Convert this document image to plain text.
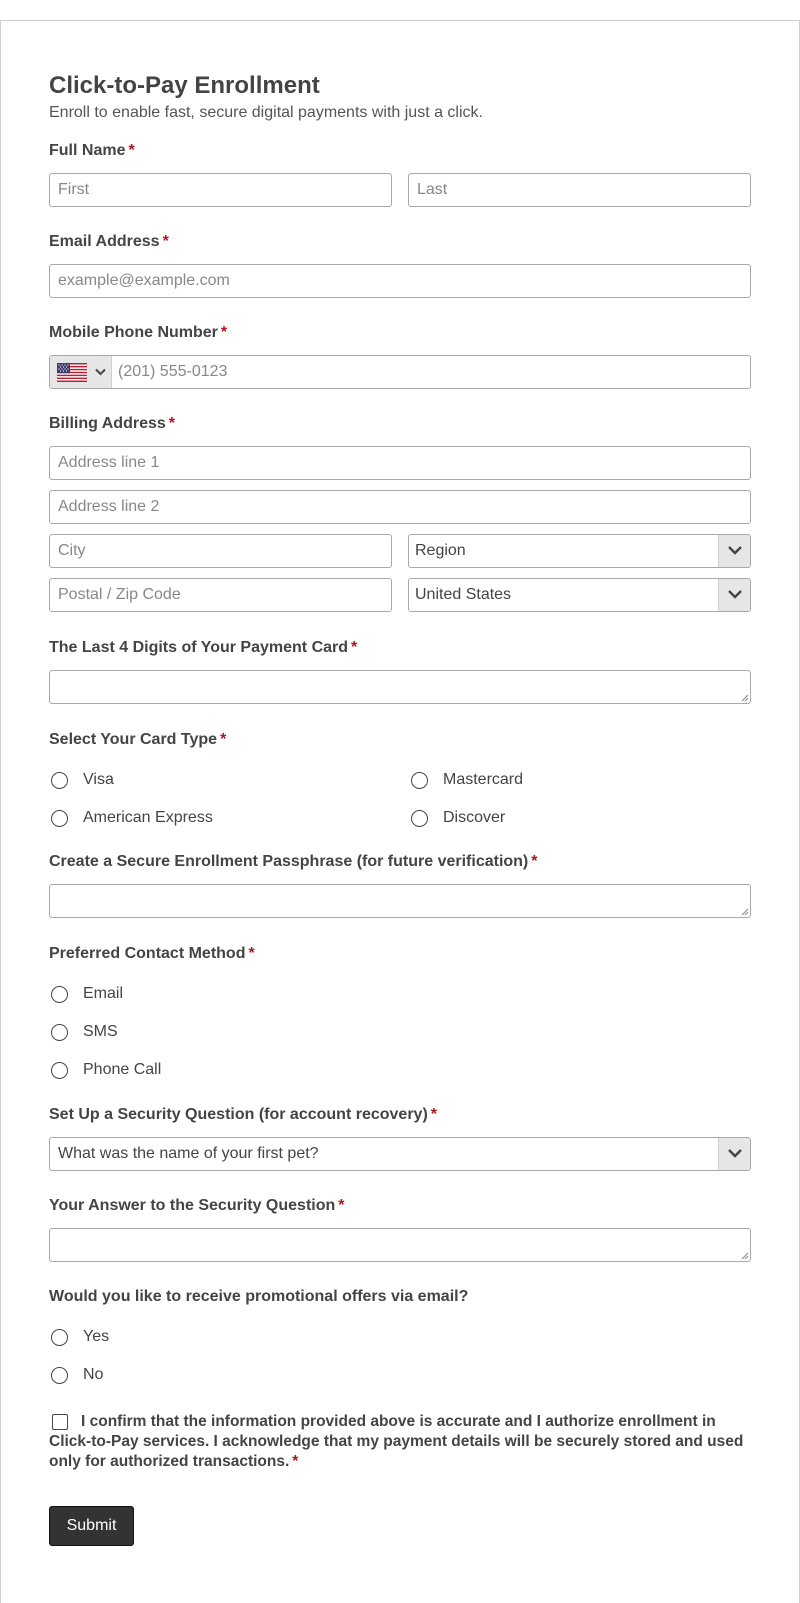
Click-to-Pay Enrollment
Enroll to enable fast, secure digital payments with just a click.
Full Name *
First	Last
Email Address *
example@example.com
Mobile Phone Number *
(201) 555-0123
Billing Address *
Address line 1
Address line 2
City	Region
Postal / Zip Code	United States
The Last 4 Digits of Your Payment Card *
Select Your Card Type *
Visa	Mastercard
American Express	Discover
Create a Secure Enrollment Passphrase (for future verification) *
Preferred Contact Method *
Email
SMS
Phone Call
Set Up a Security Question (for account recovery) *
What was the name of your first pet?
Your Answer to the Security Question *
Would you like to receive promotional offers via email?
Yes
No
I confirm that the information provided above is accurate and I authorize enrollment in Click-to-Pay services. I acknowledge that my payment details will be securely stored and used only for authorized transactions. *
Submit
